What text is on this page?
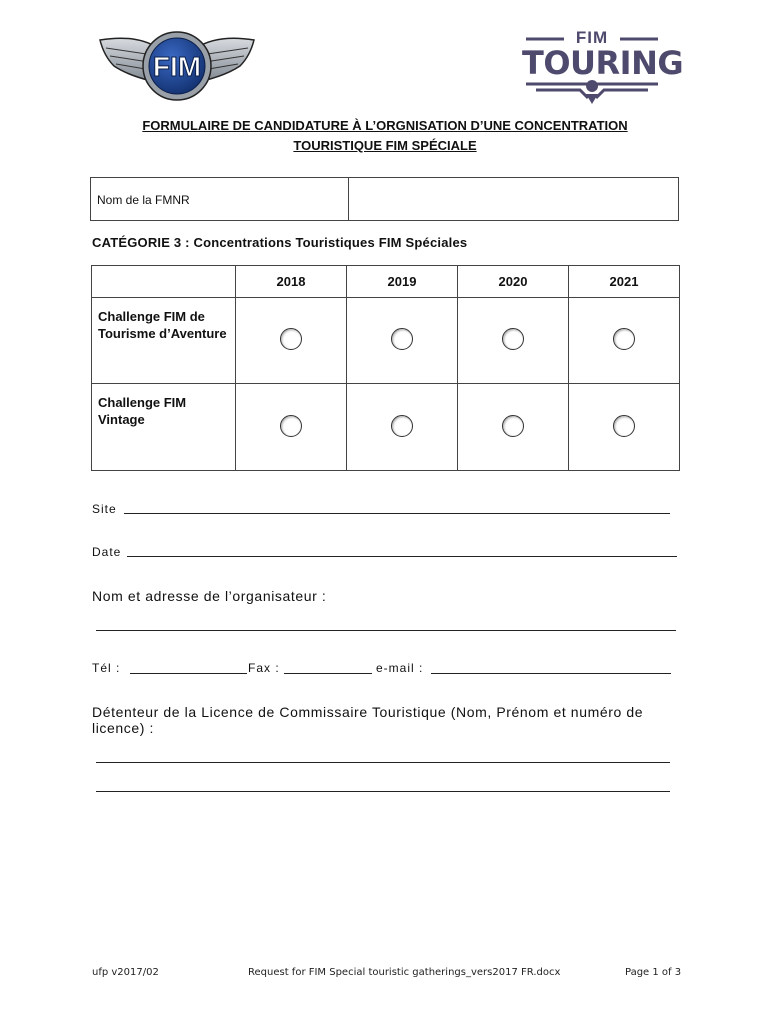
FIM
FIM
TOURING
FORMULAIRE DE CANDIDATURE À L’ORGNISATION D’UNE CONCENTRATION
TOURISTIQUE FIM SPÉCIALE
Nom de la FMNR
CATÉGORIE 3 : Concentrations Touristiques FIM Spéciales
	2018	2019	2020	2021
Challenge FIM de Tourisme d’Aventure				
Challenge FIM Vintage				
Site
Date
Nom et adresse de l’organisateur :
Tél :	Fax :	e-mail :
Détenteur de la Licence de Commissaire Touristique (Nom, Prénom et numéro de licence) :
ufp v2017/02	Request for FIM Special touristic gatherings_vers2017 FR.docx	Page 1 of 3
